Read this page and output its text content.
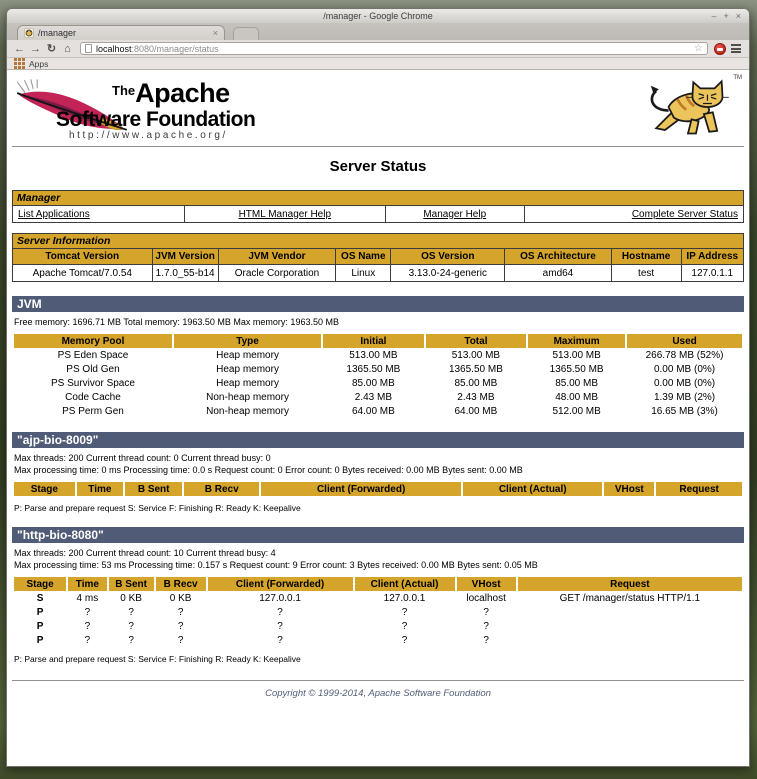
/manager - Google Chrome	– + ×
/manager	×
← → ↻ ⌂	localhost:8080/manager/status	☆
Apps
$^{The}$Apache
Software Foundation
http://www.apache.org/
TM
Server Status
Manager
List Applications	HTML Manager Help	Manager Help	Complete Server Status
Server Information							
Tomcat Version	JVM Version	JVM Vendor	OS Name	OS Version	OS Architecture	Hostname	IP Address
Apache Tomcat/7.0.54	1.7.0_55-b14	Oracle Corporation	Linux	3.13.0-24-generic	amd64	test	127.0.1.1
JVM
Free memory: 1696.71 MB Total memory: 1963.50 MB Max memory: 1963.50 MB
Memory Pool	Type	Initial	Total	Maximum	Used
PS Eden Space	Heap memory	513.00 MB	513.00 MB	513.00 MB	266.78 MB (52%)
PS Old Gen	Heap memory	1365.50 MB	1365.50 MB	1365.50 MB	0.00 MB (0%)
PS Survivor Space	Heap memory	85.00 MB	85.00 MB	85.00 MB	0.00 MB (0%)
Code Cache	Non-heap memory	2.43 MB	2.43 MB	48.00 MB	1.39 MB (2%)
PS Perm Gen	Non-heap memory	64.00 MB	64.00 MB	512.00 MB	16.65 MB (3%)
"ajp-bio-8009"
Max threads: 200 Current thread count: 0 Current thread busy: 0
Max processing time: 0 ms Processing time: 0.0 s Request count: 0 Error count: 0 Bytes received: 0.00 MB Bytes sent: 0.00 MB
Stage	Time	B Sent	B Recv	Client (Forwarded)	Client (Actual)	VHost	Request
P: Parse and prepare request S: Service F: Finishing R: Ready K: Keepalive
"http-bio-8080"
Max threads: 200 Current thread count: 10 Current thread busy: 4
Max processing time: 53 ms Processing time: 0.157 s Request count: 9 Error count: 3 Bytes received: 0.00 MB Bytes sent: 0.05 MB
Stage	Time	B Sent	B Recv	Client (Forwarded)	Client (Actual)	VHost	Request
S	4 ms	0 KB	0 KB	127.0.0.1	127.0.0.1	localhost	GET /manager/status HTTP/1.1
P	?	?	?	?	?	?	
P	?	?	?	?	?	?	
P	?	?	?	?	?	?	
P: Parse and prepare request S: Service F: Finishing R: Ready K: Keepalive
Copyright © 1999-2014, Apache Software Foundation
